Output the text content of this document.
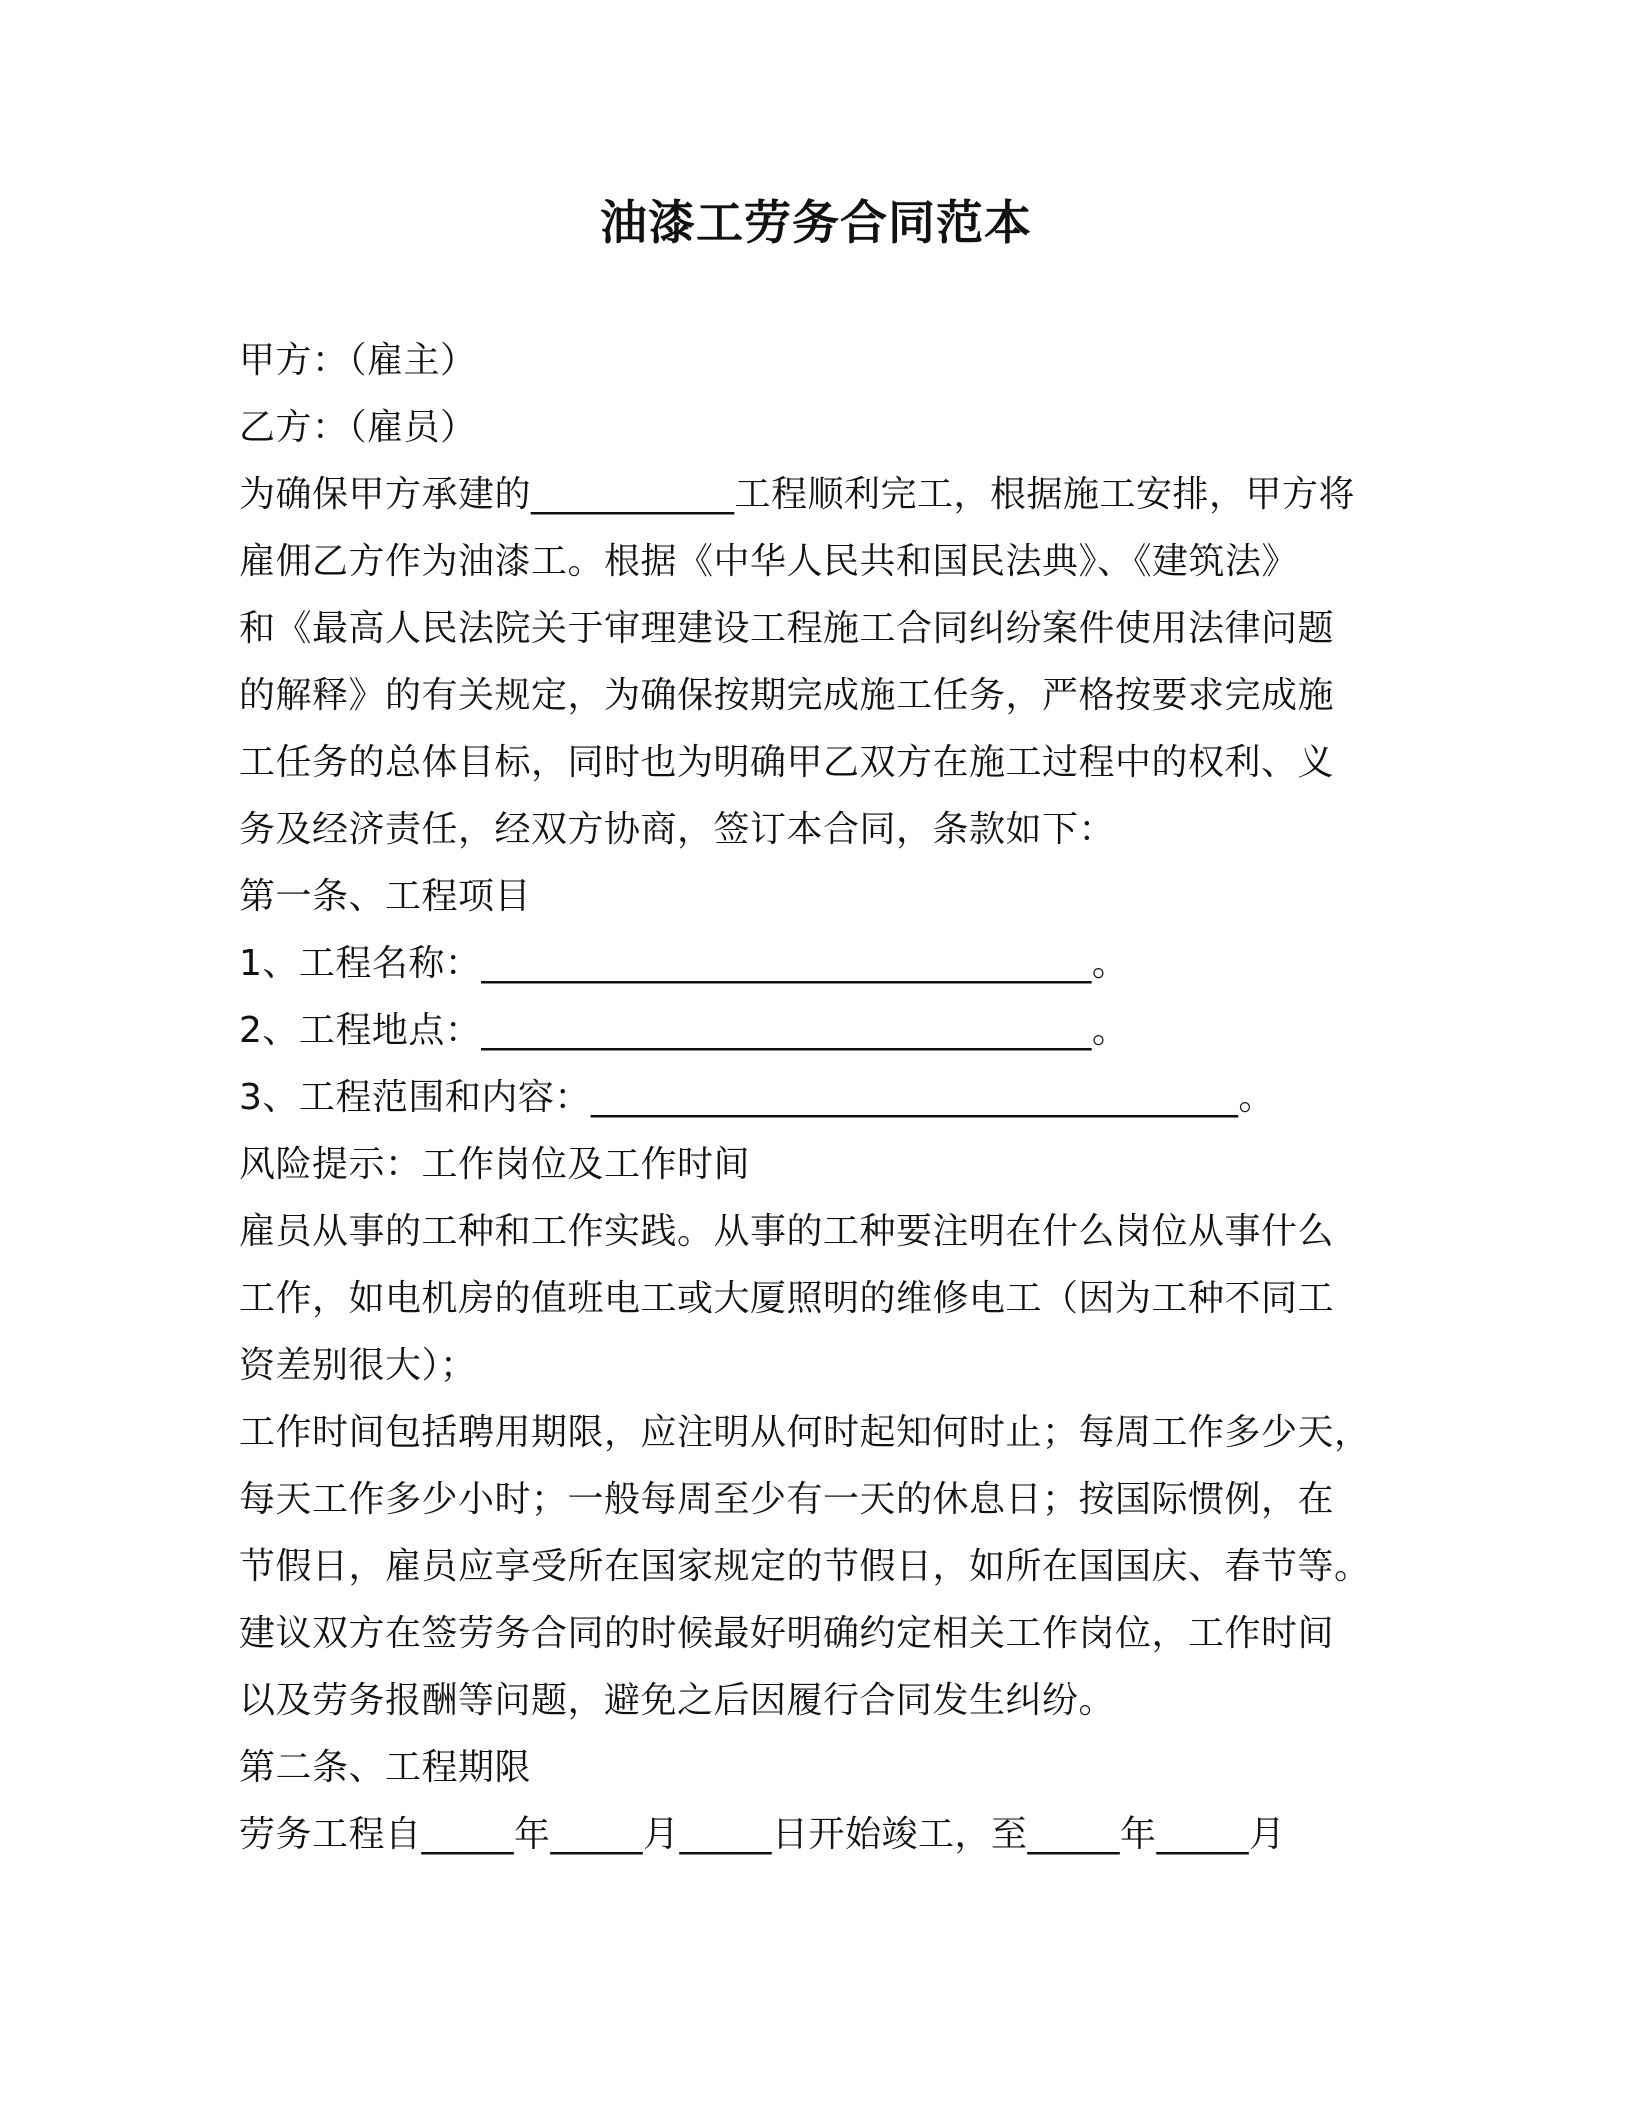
油漆工劳务合同范本
甲方：（雇主）
乙方：（雇员）
为确保甲方承建的___________工程顺利完工，根据施工安排，甲方将
雇佣乙方作为油漆工。根据《中华人民共和国民法典》、《建筑法》
和《最高人民法院关于审理建设工程施工合同纠纷案件使用法律问题
的解释》的有关规定，为确保按期完成施工任务，严格按要求完成施
工任务的总体目标，同时也为明确甲乙双方在施工过程中的权利、义
务及经济责任，经双方协商，签订本合同，条款如下：
第一条、工程项目
1、工程名称：_________________________________。
2、工程地点：_________________________________。
3、工程范围和内容：___________________________________。
风险提示：工作岗位及工作时间
雇员从事的工种和工作实践。从事的工种要注明在什么岗位从事什么
工作，如电机房的值班电工或大厦照明的维修电工（因为工种不同工
资差别很大）；
工作时间包括聘用期限，应注明从何时起知何时止；每周工作多少天，
每天工作多少小时；一般每周至少有一天的休息日；按国际惯例，在
节假日，雇员应享受所在国家规定的节假日，如所在国国庆、春节等。
建议双方在签劳务合同的时候最好明确约定相关工作岗位，工作时间
以及劳务报酬等问题，避免之后因履行合同发生纠纷。
第二条、工程期限
劳务工程自_____年_____月_____日开始竣工，至_____年_____月
